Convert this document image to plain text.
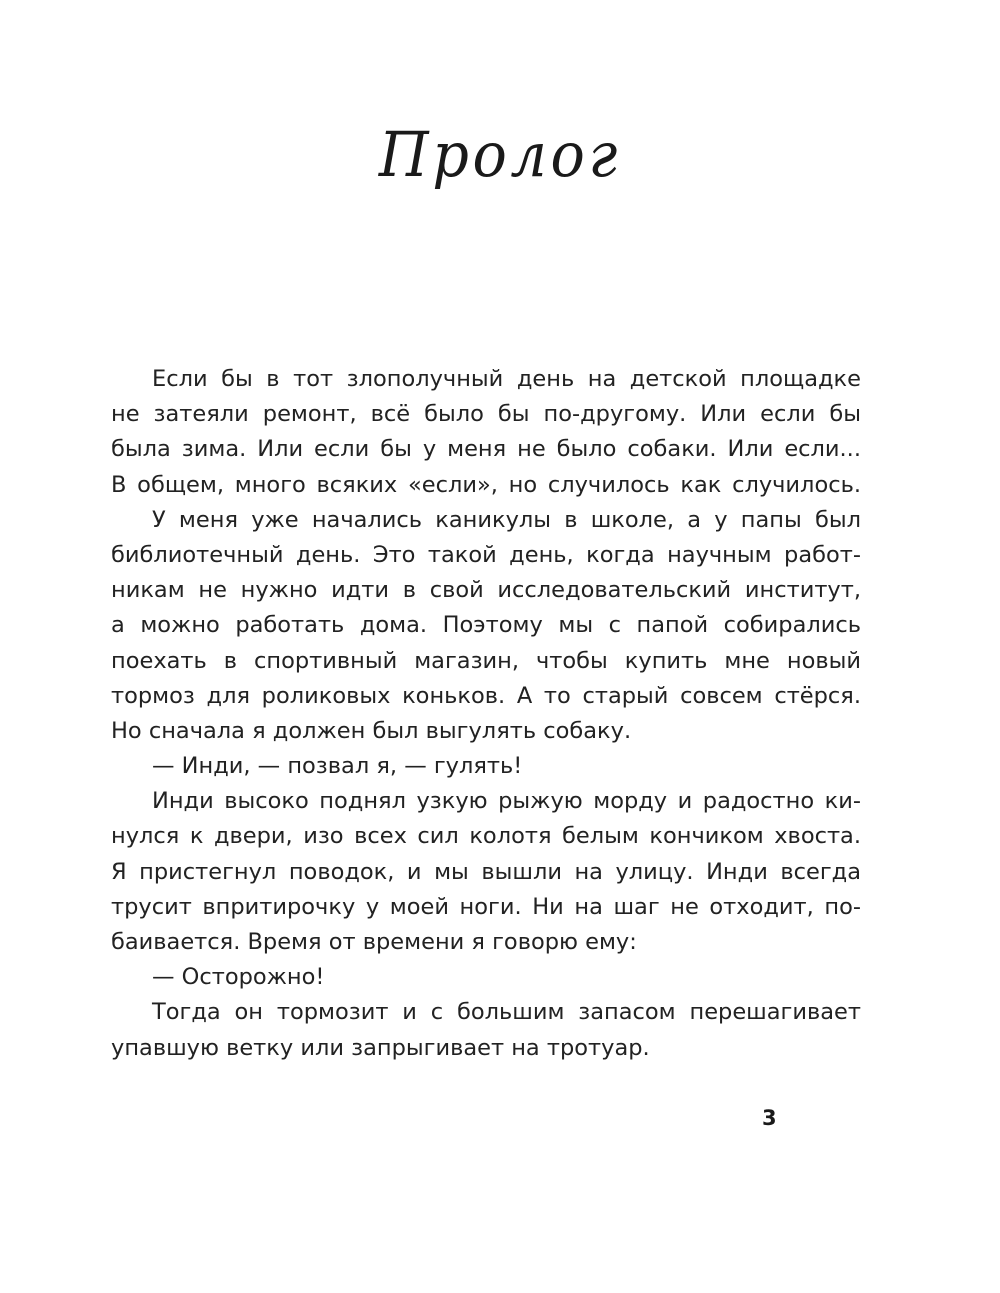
Пролог
Если бы в тот злополучный день на детской площадке
не затеяли ремонт, всё было бы по-другому. Или если бы
была зима. Или если бы у меня не было собаки. Или если...
В общем, много всяких «если», но случилось как случилось.
У меня уже начались каникулы в школе, а у папы был
библиотечный день. Это такой день, когда научным работ-
никам не нужно идти в свой исследовательский институт,
а можно работать дома. Поэтому мы с папой собирались
поехать в спортивный магазин, чтобы купить мне новый
тормоз для роликовых коньков. А то старый совсем стёрся.
Но сначала я должен был выгулять собаку.
— Инди, — позвал я, — гулять!
Инди высоко поднял узкую рыжую морду и радостно ки-
нулся к двери, изо всех сил колотя белым кончиком хвоста.
Я пристегнул поводок, и мы вышли на улицу. Инди всегда
трусит впритирочку у моей ноги. Ни на шаг не отходит, по-
баивается. Время от времени я говорю ему:
— Осторожно!
Тогда он тормозит и с большим запасом перешагивает
упавшую ветку или запрыгивает на тротуар.
3
